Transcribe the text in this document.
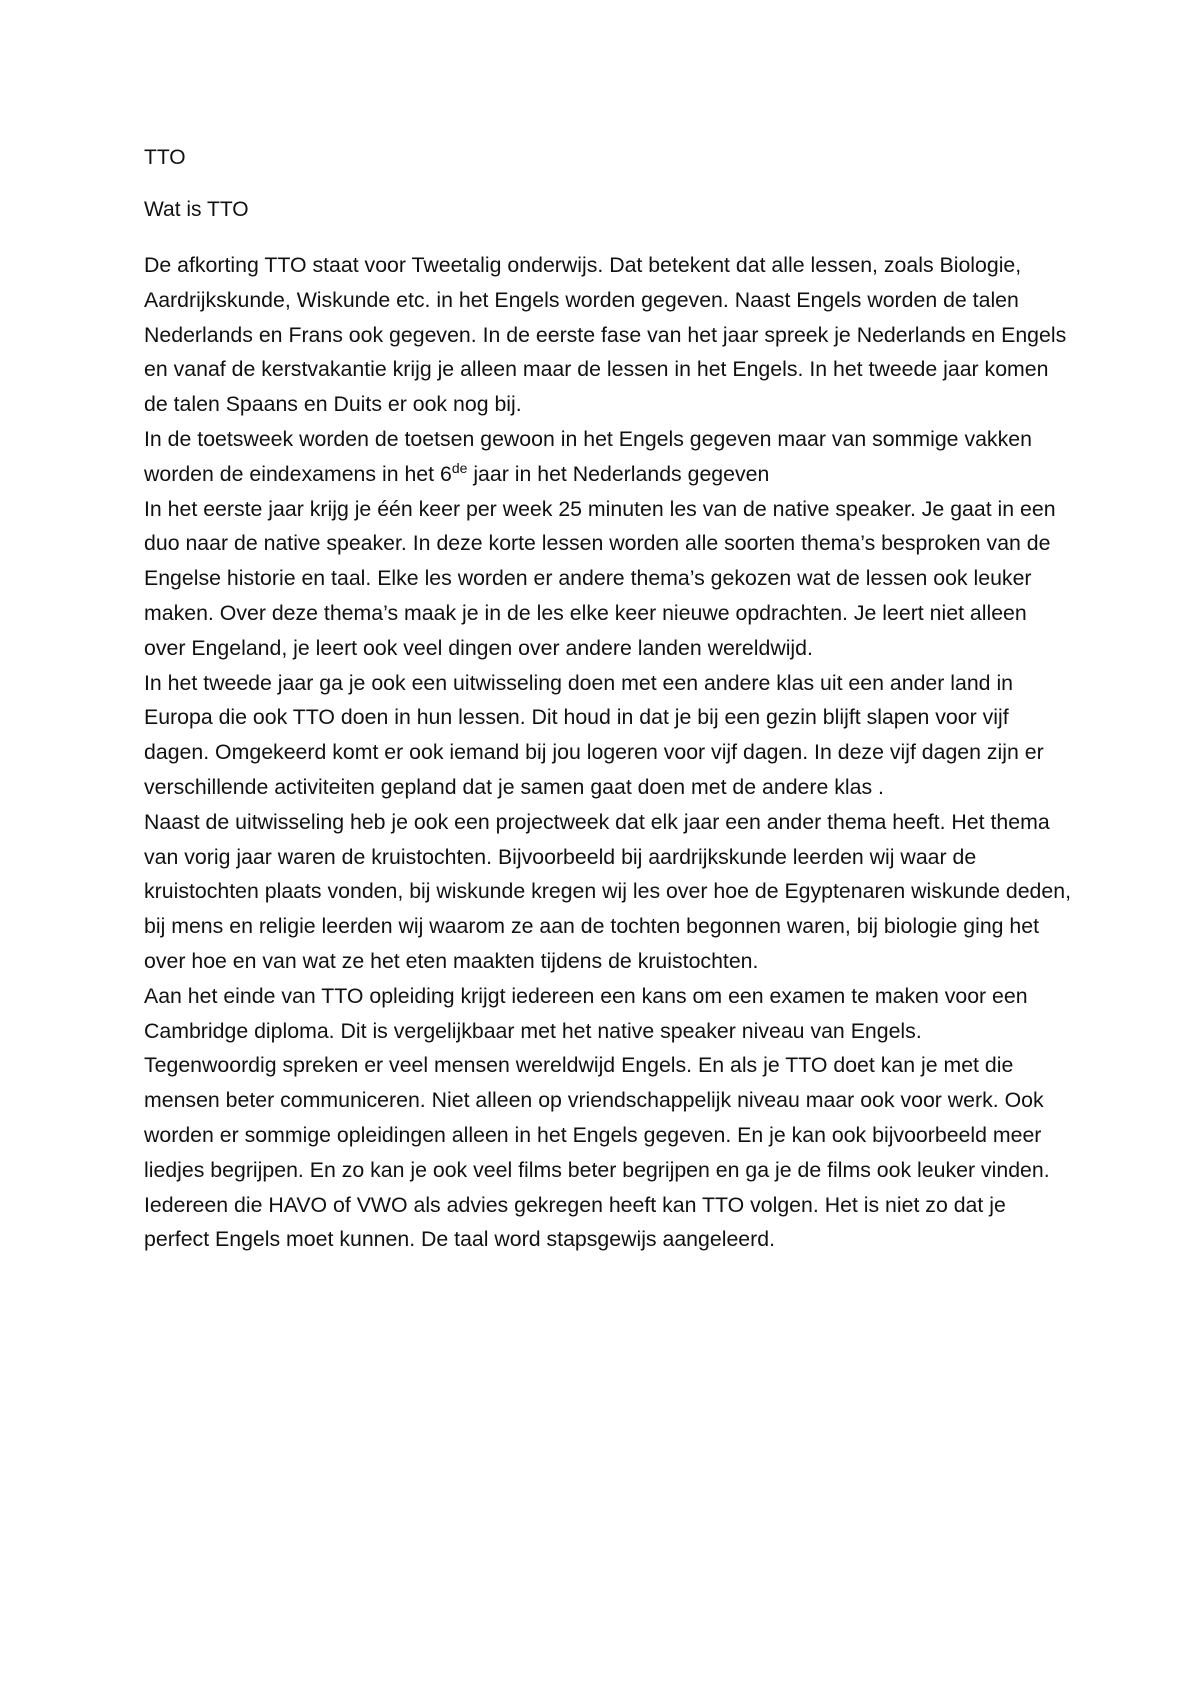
TTO

Wat is TTO

De afkorting TTO staat voor Tweetalig onderwijs. Dat betekent dat alle lessen, zoals Biologie, Aardrijkskunde, Wiskunde etc. in het Engels worden gegeven. Naast Engels worden de talen Nederlands en Frans ook gegeven. In de eerste fase van het jaar spreek je Nederlands en Engels en vanaf de kerstvakantie krijg je alleen maar de lessen in het Engels. In het tweede jaar komen de talen Spaans en Duits er ook nog bij.
In de toetsweek worden de toetsen gewoon in het Engels gegeven maar van sommige vakken worden de eindexamens in het 6de jaar in het Nederlands gegeven
In het eerste jaar krijg je één keer per week 25 minuten les van de native speaker. Je gaat in een duo naar de native speaker. In deze korte lessen worden alle soorten thema’s besproken van de Engelse historie en taal. Elke les worden er andere thema’s gekozen wat de lessen ook leuker maken. Over deze thema’s maak je in de les elke keer nieuwe opdrachten. Je leert niet alleen over Engeland, je leert ook veel dingen over andere landen wereldwijd.
In het tweede jaar ga je ook een uitwisseling doen met een andere klas uit een ander land in Europa die ook TTO doen in hun lessen. Dit houd in dat je bij een gezin blijft slapen voor vijf dagen. Omgekeerd komt er ook iemand bij jou logeren voor vijf dagen. In deze vijf dagen zijn er verschillende activiteiten gepland dat je samen gaat doen met de andere klas .
Naast de uitwisseling heb je ook een projectweek dat elk jaar een ander thema heeft. Het thema van vorig jaar waren de kruistochten. Bijvoorbeeld bij aardrijkskunde leerden wij waar de kruistochten plaats vonden, bij wiskunde kregen wij les over hoe de Egyptenaren wiskunde deden, bij mens en religie leerden wij waarom ze aan de tochten begonnen waren, bij biologie ging het over hoe en van wat ze het eten maakten tijdens de kruistochten.
Aan het einde van TTO opleiding krijgt iedereen een kans om een examen te maken voor een Cambridge diploma. Dit is vergelijkbaar met het native speaker niveau van Engels.
Tegenwoordig spreken er veel mensen wereldwijd Engels. En als je TTO doet kan je met die mensen beter communiceren. Niet alleen op vriendschappelijk niveau maar ook voor werk. Ook worden er sommige opleidingen alleen in het Engels gegeven. En je kan ook bijvoorbeeld meer liedjes begrijpen. En zo kan je ook veel films beter begrijpen en ga je de films ook leuker vinden.
Iedereen die HAVO of VWO als advies gekregen heeft kan TTO volgen. Het is niet zo dat je perfect Engels moet kunnen. De taal word stapsgewijs aangeleerd.
